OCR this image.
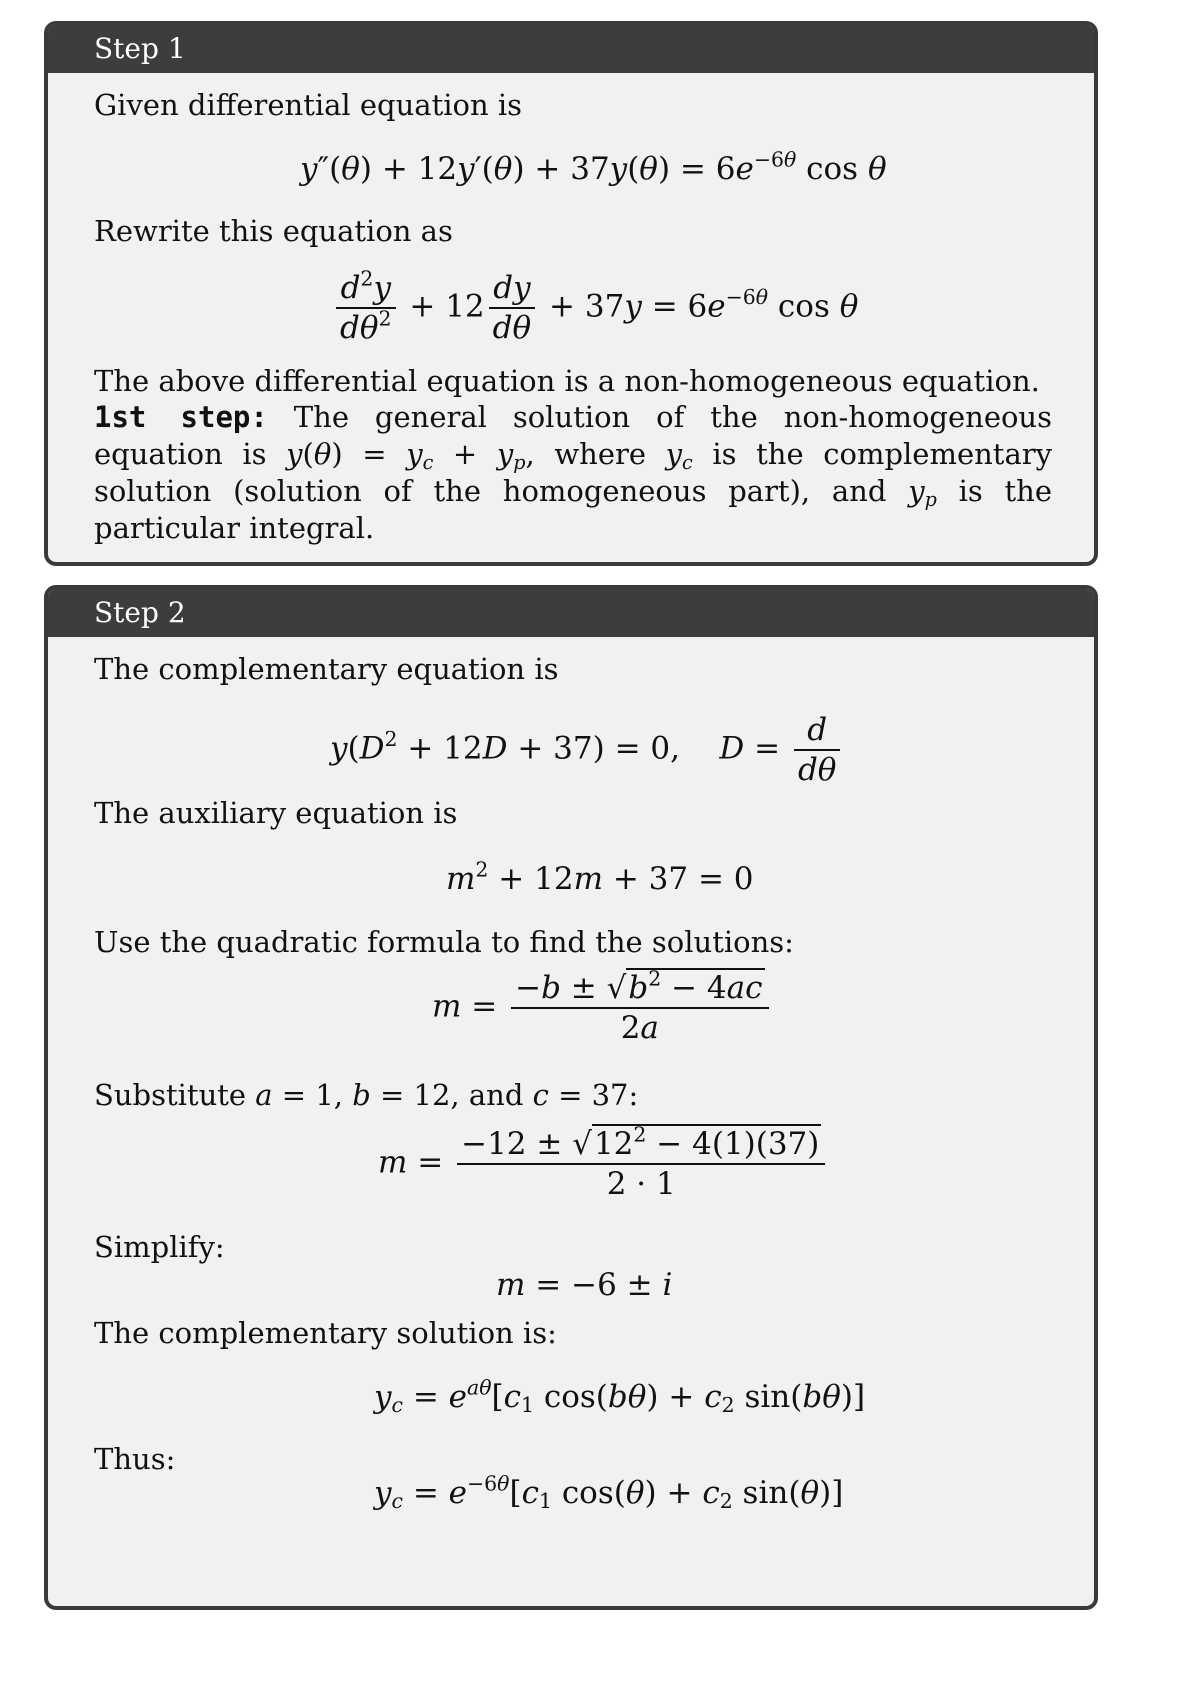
Step 1
Given differential equation is
$y''(\theta) + 12y'(\theta) + 37y(\theta) = 6e^{-6\theta}$ cos θ
Rewrite this equation as
$\frac{d^2y}{d\theta^2} + 12 \frac{dy}{d\theta} + 37y = 6e^{-6\theta}$ cos θ
The above differential equation is a non-homogeneous equation.
1st step: The general solution of the non-homogeneous equation is $y(\theta) = y_c + y_p$, where $y_c$ is the complementary solution (solution of the homogeneous part), and $y_p$ is the particular integral.
Step 2
The complementary equation is
$y(D^2 + 12D + 37) = 0$,    $D = \frac{d}{d\theta}$
The auxiliary equation is
$m^2 + 12m + 37 = 0$
Use the quadratic formula to find the solutions:
$m = \frac{-b \pm √b^2 - 4ac}{2a}$
Substitute a = 1, b = 12, and c = 37:
$m = \frac{-12 \pm √12^2 - 4(1)(37)}{2 \cdot 1}$
Simplify:
m = −6 ± i
The complementary solution is:
$y_c = e^{a\theta}[c_1$ $\cos(b\theta) + c_2$ sin(bθ)]
Thus:
$y_c = e^{-6\theta}[c_1$ $\cos(\theta) + c_2$ sin(θ)]
